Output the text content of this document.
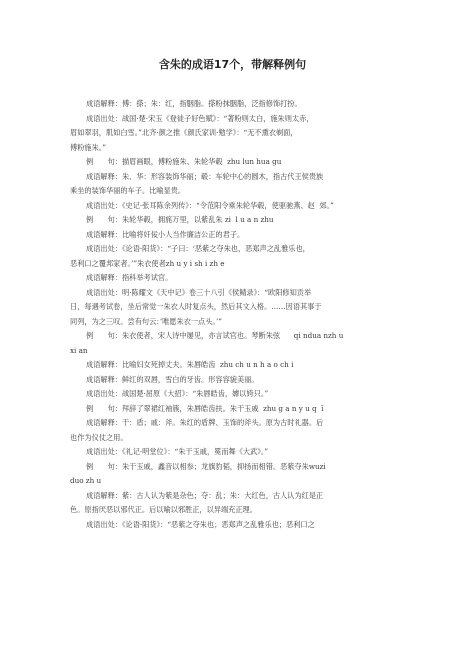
含朱的成语17个，带解释例句
成语解释：傅：搽；朱：红，指胭脂。搽粉抹胭脂，泛指修饰打扮。
成语出处：战国·楚·宋玉《登徒子好色赋》：“著粉则太白，施朱则太赤，
眉如翠羽，肌如白雪。”北齐·颜之推《颜氏家训·勉学》：“无不熏衣剃面，
傅粉施朱。”
例　　句：描眉画眼，傅粉施朱、朱轮华毂  zhu lun hua gu
成语解释：朱、华：形容装饰华丽；毂：车轮中心的圆木，指古代王侯贵族
乘坐的装饰华丽的车子。比喻显贵。
成语出处：《史记·张耳陈余列传》：“令范阳令乘朱轮华毂，使驱驰燕、赵  郊。”
例　　句：朱轮华毂，拥旄万里，以紫乱朱 zi  l u a n zhu
成语解释：比喻将奸佞小人当作廉洁公正的君子。
成语出处：《论语·阳货》：“子曰：‘恶紫之夺朱也，恶郑声之乱雅乐也，
恶利口之覆邦家者。’”朱衣使者zh u y i sh i zh e
成语解释：指科举考试官。
成语出处：明·陈耀文《天中记》卷三十八引《侯鲭录》：“欧阳修知贡举
日，每遇考试卷，坐后常觉一朱衣人时复点头，然后其文入格。……因语其事于
同列，为之三叹。尝有句云：’唯愿朱衣一点头。’”
例　　句：朱衣使者，宋人诗中屡见，亦言试官也。琴断朱弦      qi ndua nzh u
xi an
成语解释：比喻妇女死掉丈夫。朱唇皓齿  zhu ch u n h a o ch i
成语解释：鲜红的双唇，雪白的牙齿。形容容貌美丽。
成语出处：战国楚·屈原《大招》：“朱唇皓齿，嫭以姱只。”
例　　句：拜辞了翠裙红袖簇，朱唇皓齿扶。朱干玉戚  zhu g a n y u q  ī
成语解释：干：盾；戚：斧。朱红的盾牌、玉饰的斧头。原为古时礼器。后
也作为仪仗之用。
成语出处：《礼记·明堂位》：“朱干玉戚，冕而舞《大武》。”
例　　句：朱干玉戚，鑫音以相参；龙旗豹韬，抑扬而相错。恶紫夺朱wuzi
duo zh u
成语解释：紫：古人认为紫是杂色；夺：乱；朱：大红色，古人认为红是正
色。原指厌恶以邪代正。后以喻以邪胜正，以异端充正理。
成语出处：《论语·阳货》：“恶紫之夺朱也；恶郑声之乱雅乐也；恶利口之
